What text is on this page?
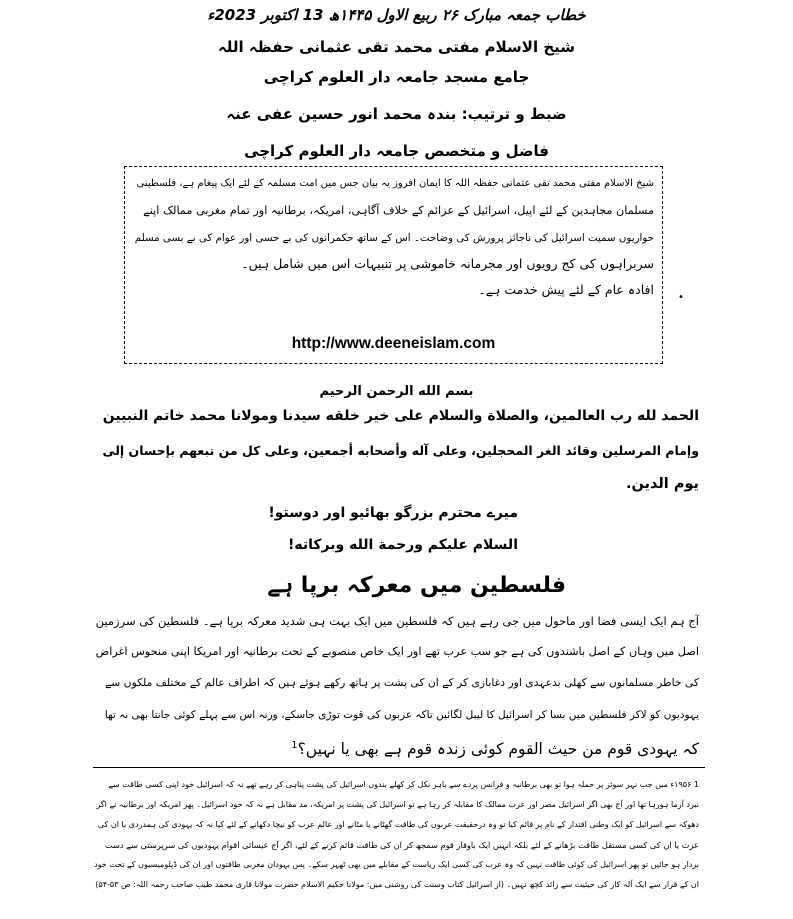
خطاب جمعہ مبارک ۲۶ ربیع الاول ۱۴۴۵ھ 13 اکتوبر 2023ء
شیخ الاسلام مفتی محمد تقی عثمانی حفظہ اللہ
جامع مسجد جامعہ دار العلوم کراچی
ضبط و ترتیب: بندہ محمد انور حسین عفی عنہ
فاضل و متخصص جامعہ دار العلوم کراچی
شیخ الاسلام مفتی محمد تقی عثمانی حفظہ اللہ کا ایمان افروز یہ بیان جس میں امت مسلمہ کے لئے ایک پیغام ہے، فلسطینی
مسلمان مجاہدین کے لئے اپیل، اسرائیل کے عزائم کے خلاف آگاہی، امریکہ، برطانیہ اور تمام مغربی ممالک اپنے
حواریوں سمیت اسرائیل کی ناجائز پرورش کی وضاحت۔ اس کے ساتھ حکمرانوں کی بے حسی اور عوام کی بے بسی مسلم
سربراہوں کی کج رویوں اور مجرمانہ خاموشی پر تنبیہات اس میں شامل ہیں۔
افادہ عام کے لئے پیش خدمت ہے۔
http://www.deeneislam.com
•
بسم الله الرحمن الرحيم
الحمد لله رب العالمين، والصلاة والسلام على خير خلقه سيدنا ومولانا محمد خاتم النبيين
وإمام المرسلين وقائد الغر المحجلين، وعلى آله وأصحابه أجمعين، وعلى كل من تبعهم بإحسان إلى
يوم الدين.
میرے محترم بزرگو بھائیو اور دوستو!
السلام عليكم ورحمة الله وبركاته!
فلسطین میں معرکہ برپا ہے
آج ہم ایک ایسی فضا اور ماحول میں جی رہے ہیں کہ فلسطین میں ایک بہت ہی شدید معرکہ برپا ہے۔ فلسطین کی سرزمین
اصل میں وہاں کے اصل باشندوں کی ہے جو سب عرب تھے اور ایک خاص منصوبے کے تحت برطانیہ اور امریکا اپنی منحوس اغراض
کی خاطر مسلمانوں سے کھلی بدعہدی اور دغابازی کر کے ان کی پشت پر ہاتھ رکھے ہوئے ہیں کہ اطراف عالم کے مختلف ملکوں سے
یہودیوں کو لاکر فلسطین میں بسا کر اسرائیل کا لیبل لگائیں تاکہ عربوں کی قوت توڑی جاسکے، ورنہ اس سے پہلے کوئی جانتا بھی نہ تھا
کہ یہودی قوم من حیث القوم کوئی زندہ قوم ہے بھی یا نہیں؟$^1$
1 ۱۹۵۶ء میں جب نہر سوئز پر حملہ ہوا تو بھی برطانیہ و فرانس پردے سے باہر نکل کر کھلے بندوں اسرائیل کی پشت پناہی کر رہے تھے نہ کہ اسرائیل خود اپنی کسی طاقت سے
نبرد آزما ہورہا تھا اور آج بھی اگر اسرائیل مصر اور عرب ممالک کا مقابلہ کر رہا ہے تو اسرائیل کی پشت پر امریکہ، مد مقابل ہے نہ کہ خود اسرائیل۔ پھر امریکہ اور برطانیہ نے اگر
دھوکہ سے اسرائیل کو ایک وطنی اقتدار کے نام پر قائم کیا تو وہ درحقیقت عربوں کی طاقت گھٹانے یا مٹانے اور عالم عرب کو نیچا دکھانے کے لئے کیا نہ کہ یہودی کی ہمدردی یا ان کی
عزت یا ان کی کسی مستقل طاقت بڑھانے کے لئے بلکہ انہیں ایک باوقار قوم سمجھ کر ان کی طاقت قائم کرنے کے لئے، اگر آج عیسائی اقوام یہودیوں کی سرپرستی سے دست
بردار ہو جائیں تو پھر اسرائیل کی کوئی طاقت نہیں کہ وہ عرب کی کسی ایک ریاست کے مقابلے میں بھی ٹھہر سکے۔ پس یہودان مغربی طاقتوں اور ان کی ڈپلومیسیوں کے تحت خود
ان کے قرار سے ایک آلہ کار کی حیثیت سے زائد کچھ نہیں۔ (از اسرائیل کتاب وسنت کی روشنی میں: مولانا حکیم الاسلام حضرت مولانا قاری محمد طیب صاحب رحمہ اللہ: ص ۵۳-۵۴)
